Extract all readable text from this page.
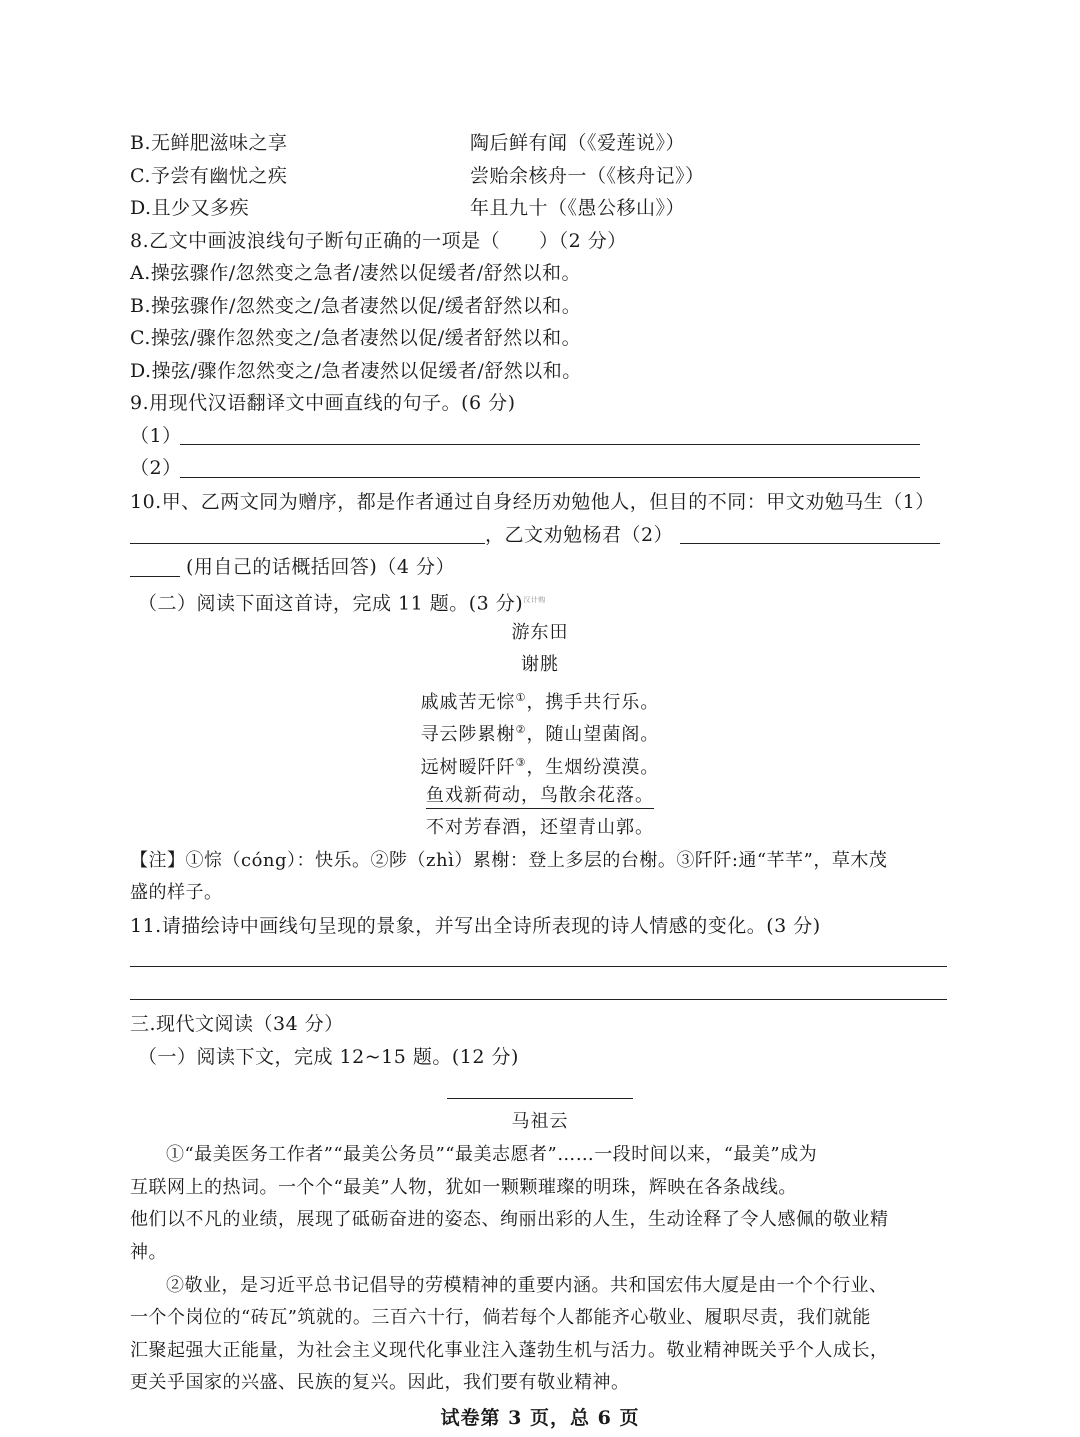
B.无鲜肥滋味之享	陶后鲜有闻（《爱莲说》）
C.予尝有幽忧之疾	尝贻余核舟一（《核舟记》）
D.且少又多疾	年且九十（《愚公移山》）
8.乙文中画波浪线句子断句正确的一项是（　　）（2 分）
A.操弦骤作/忽然变之急者/凄然以促缓者/舒然以和。
B.操弦骤作/忽然变之/急者凄然以促/缓者舒然以和。
C.操弦/骤作忽然变之/急者凄然以促/缓者舒然以和。
D.操弦/骤作忽然变之/急者凄然以促缓者/舒然以和。
9.用现代汉语翻译文中画直线的句子。(6 分)
（1）
（2）
10.甲、乙两文同为赠序，都是作者通过自身经历劝勉他人，但目的不同：甲文劝勉马生（1）
，乙文劝勉杨君（2）
(用自己的话概括回答)（4 分）
（二）阅读下面这首诗，完成 11 题。(3 分)$^{汉计购}$
游东田
谢朓
戚戚苦无悰①，携手共行乐。
寻云陟累榭②，随山望菌阁。
远树暧阡阡③，生烟纷漠漠。
鱼戏新荷动，鸟散余花落。
不对芳春酒，还望青山郭。
【注】①悰（cóng）：快乐。②陟（zhì）累榭：登上多层的台榭。③阡阡:通“芊芊”，草木茂
盛的样子。
11.请描绘诗中画线句呈现的景象，并写出全诗所表现的诗人情感的变化。(3 分)
三.现代文阅读（34 分）
（一）阅读下文，完成 12~15 题。(12 分)
马祖云
①“最美医务工作者”“最美公务员”“最美志愿者”……一段时间以来，“最美”成为
互联网上的热词。一个个“最美”人物，犹如一颗颗璀璨的明珠，辉映在各条战线。
他们以不凡的业绩，展现了砥砺奋进的姿态、绚丽出彩的人生，生动诠释了令人感佩的敬业精
神。
②敬业，是习近平总书记倡导的劳模精神的重要内涵。共和国宏伟大厦是由一个个行业、
一个个岗位的“砖瓦”筑就的。三百六十行，倘若每个人都能齐心敬业、履职尽责，我们就能
汇聚起强大正能量，为社会主义现代化事业注入蓬勃生机与活力。敬业精神既关乎个人成长，
更关乎国家的兴盛、民族的复兴。因此，我们要有敬业精神。
试卷第 3 页，总 6 页
